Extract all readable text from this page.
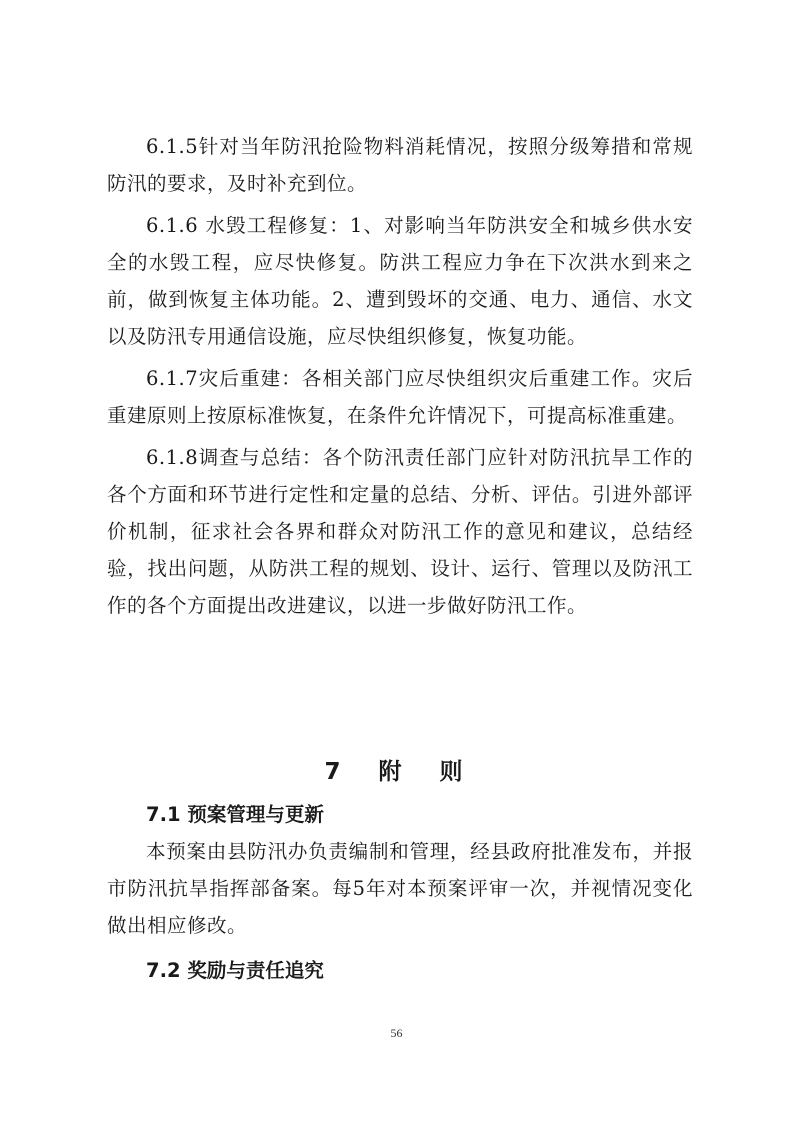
6.1.5针对当年防汛抢险物料消耗情况，按照分级筹措和常规防汛的要求，及时补充到位。

6.1.6 水毁工程修复：1、对影响当年防洪安全和城乡供水安全的水毁工程，应尽快修复。防洪工程应力争在下次洪水到来之前，做到恢复主体功能。2、遭到毁坏的交通、电力、通信、水文以及防汛专用通信设施，应尽快组织修复，恢复功能。

6.1.7灾后重建：各相关部门应尽快组织灾后重建工作。灾后重建原则上按原标准恢复，在条件允许情况下，可提高标准重建。

6.1.8调查与总结：各个防汛责任部门应针对防汛抗旱工作的各个方面和环节进行定性和定量的总结、分析、评估。引进外部评价机制，征求社会各界和群众对防汛工作的意见和建议，总结经验，找出问题，从防洪工程的规划、设计、运行、管理以及防汛工作的各个方面提出改进建议，以进一步做好防汛工作。

7 附 则
7.1 预案管理与更新

本预案由县防汛办负责编制和管理，经县政府批准发布，并报市防汛抗旱指挥部备案。每5年对本预案评审一次，并视情况变化做出相应修改。

7.2 奖励与责任追究
56
